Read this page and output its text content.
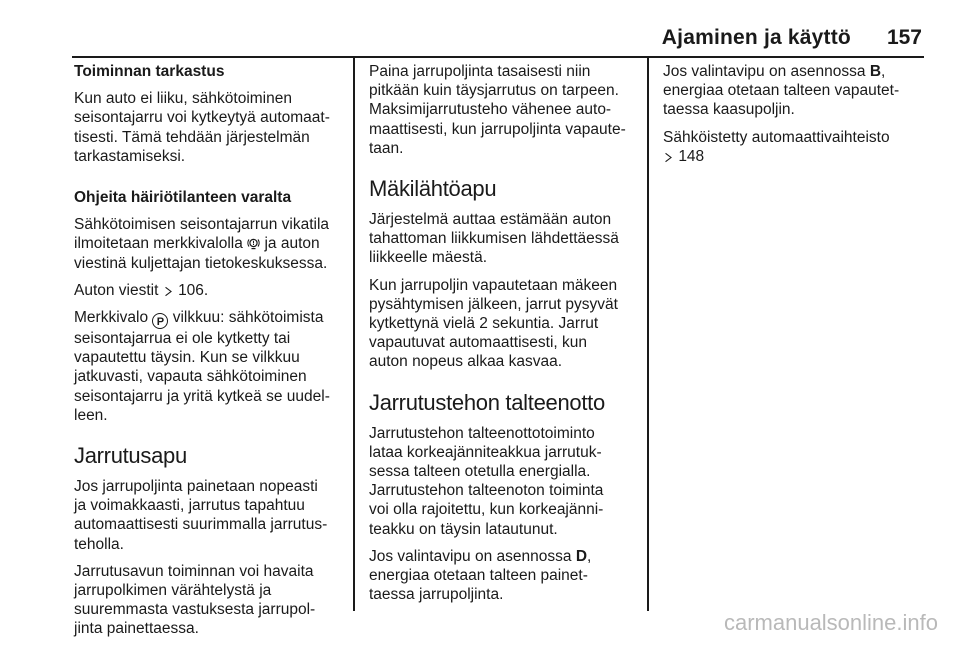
Ajaminen ja käyttö 157

Toiminnan tarkastus

Kun auto ei liiku, sähkötoiminen
seisontajarru voi kytkeytyä automaat-
tisesti. Tämä tehdään järjestelmän
tarkastamiseksi.

Ohjeita häiriötilanteen varalta

Sähkötoimisen seisontajarrun vikatila
ilmoitetaan merkkivalolla  ja auton
viestinä kuljettajan tietokeskuksessa.

Auton viestit  106.

Merkkivalo P vilkkuu: sähkötoimista
seisontajarrua ei ole kytketty tai
vapautettu täysin. Kun se vilkkuu
jatkuvasti, vapauta sähkötoiminen
seisontajarru ja yritä kytkeä se uudel-
leen.

Jarrutusapu

Jos jarrupoljinta painetaan nopeasti
ja voimakkaasti, jarrutus tapahtuu
automaattisesti suurimmalla jarrutus-
teholla.

Jarrutusavun toiminnan voi havaita
jarrupolkimen värähtelystä ja
suuremmasta vastuksesta jarrupol-
jinta painettaessa.

Paina jarrupoljinta tasaisesti niin
pitkään kuin täysjarrutus on tarpeen.
Maksimijarrutusteho vähenee auto-
maattisesti, kun jarrupoljinta vapaute-
taan.

Mäkilähtöapu

Järjestelmä auttaa estämään auton
tahattoman liikkumisen lähdettäessä
liikkeelle mäestä.

Kun jarrupoljin vapautetaan mäkeen
pysähtymisen jälkeen, jarrut pysyvät
kytkettynä vielä 2 sekuntia. Jarrut
vapautuvat automaattisesti, kun
auton nopeus alkaa kasvaa.

Jarrutustehon talteenotto

Jarrutustehon talteenottotoiminto
lataa korkeajänniteakkua jarrutuk-
sessa talteen otetulla energialla.
Jarrutustehon talteenoton toiminta
voi olla rajoitettu, kun korkeajänni-
teakku on täysin latautunut.

Jos valintavipu on asennossa D,
energiaa otetaan talteen painet-
taessa jarrupoljinta.

Jos valintavipu on asennossa B,
energiaa otetaan talteen vapautet-
taessa kaasupoljin.

Sähköistetty automaattivaihteisto
148

carmanualsonline.info
